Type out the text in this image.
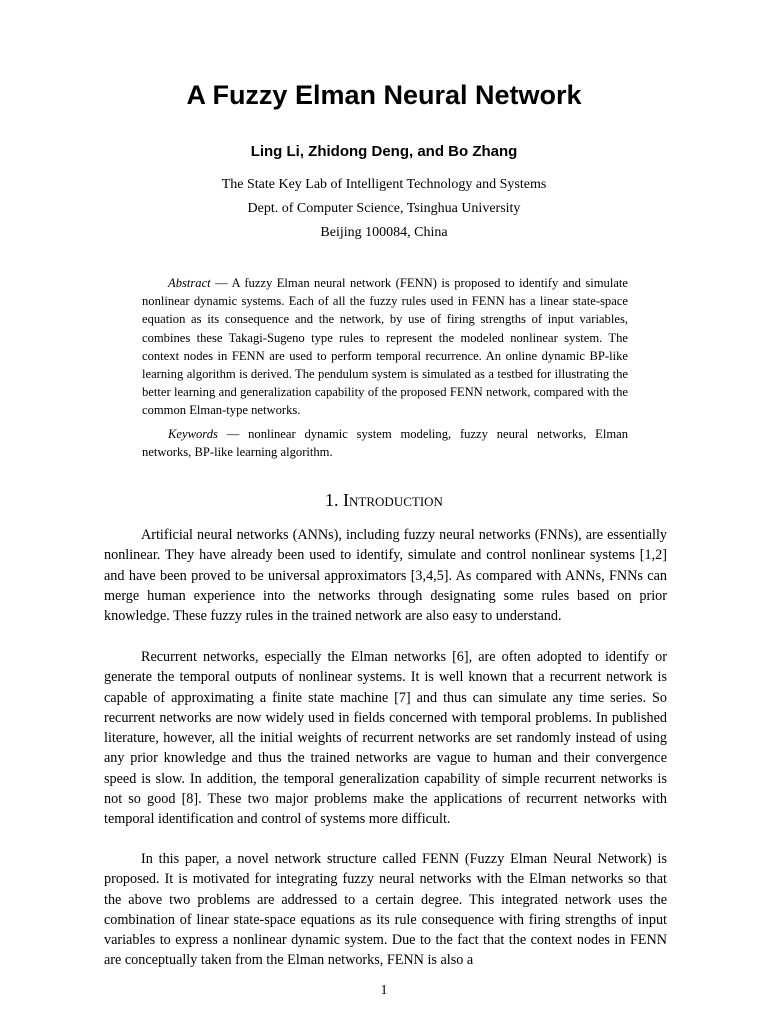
A Fuzzy Elman Neural Network
Ling Li, Zhidong Deng, and Bo Zhang
The State Key Lab of Intelligent Technology and Systems
Dept. of Computer Science, Tsinghua University
Beijing 100084, China

Abstract — A fuzzy Elman neural network (FENN) is proposed to identify and simulate nonlinear dynamic systems. Each of all the fuzzy rules used in FENN has a linear state-space equation as its consequence and the network, by use of firing strengths of input variables, combines these Takagi-Sugeno type rules to represent the modeled nonlinear system. The context nodes in FENN are used to perform temporal recurrence. An online dynamic BP-like learning algorithm is derived. The pendulum system is simulated as a testbed for illustrating the better learning and generalization capability of the proposed FENN network, compared with the common Elman-type networks.

Keywords — nonlinear dynamic system modeling, fuzzy neural networks, Elman networks, BP-like learning algorithm.

1. Introduction

Artificial neural networks (ANNs), including fuzzy neural networks (FNNs), are essentially nonlinear. They have already been used to identify, simulate and control nonlinear systems [1,2] and have been proved to be universal approximators [3,4,5]. As compared with ANNs, FNNs can merge human experience into the networks through designating some rules based on prior knowledge. These fuzzy rules in the trained network are also easy to understand.

Recurrent networks, especially the Elman networks [6], are often adopted to identify or generate the temporal outputs of nonlinear systems. It is well known that a recurrent network is capable of approximating a finite state machine [7] and thus can simulate any time series. So recurrent networks are now widely used in fields concerned with temporal problems. In published literature, however, all the initial weights of recurrent networks are set randomly instead of using any prior knowledge and thus the trained networks are vague to human and their convergence speed is slow. In addition, the temporal generalization capability of simple recurrent networks is not so good [8]. These two major problems make the applications of recurrent networks with temporal identification and control of systems more difficult.

In this paper, a novel network structure called FENN (Fuzzy Elman Neural Network) is proposed. It is motivated for integrating fuzzy neural networks with the Elman networks so that the above two problems are addressed to a certain degree. This integrated network uses the combination of linear state-space equations as its rule consequence with firing strengths of input variables to express a nonlinear dynamic system. Due to the fact that the context nodes in FENN are conceptually taken from the Elman networks, FENN is also a

1
